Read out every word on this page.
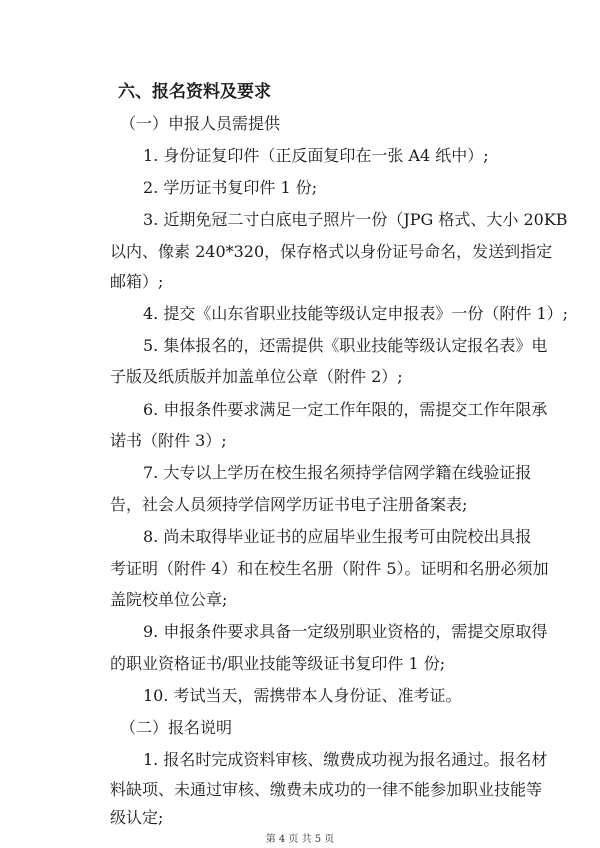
六、报名资料及要求
（一）申报人员需提供
1. 身份证复印件（正反面复印在一张 A4 纸中）;
2. 学历证书复印件 1 份;
3. 近期免冠二寸白底电子照片一份（JPG 格式、大小 20KB
以内、像素 240*320，保存格式以身份证号命名，发送到指定
邮箱）;
4. 提交《山东省职业技能等级认定申报表》一份（附件 1）;
5. 集体报名的，还需提供《职业技能等级认定报名表》电
子版及纸质版并加盖单位公章（附件 2）;
6. 申报条件要求满足一定工作年限的，需提交工作年限承
诺书（附件 3）;
7. 大专以上学历在校生报名须持学信网学籍在线验证报
告，社会人员须持学信网学历证书电子注册备案表;
8. 尚未取得毕业证书的应届毕业生报考可由院校出具报
考证明（附件 4）和在校生名册（附件 5）。证明和名册必须加
盖院校单位公章;
9. 申报条件要求具备一定级别职业资格的，需提交原取得
的职业资格证书/职业技能等级证书复印件 1 份;
10. 考试当天，需携带本人身份证、准考证。
（二）报名说明
1. 报名时完成资料审核、缴费成功视为报名通过。报名材
料缺项、未通过审核、缴费未成功的一律不能参加职业技能等
级认定;
第 4 页 共 5 页
